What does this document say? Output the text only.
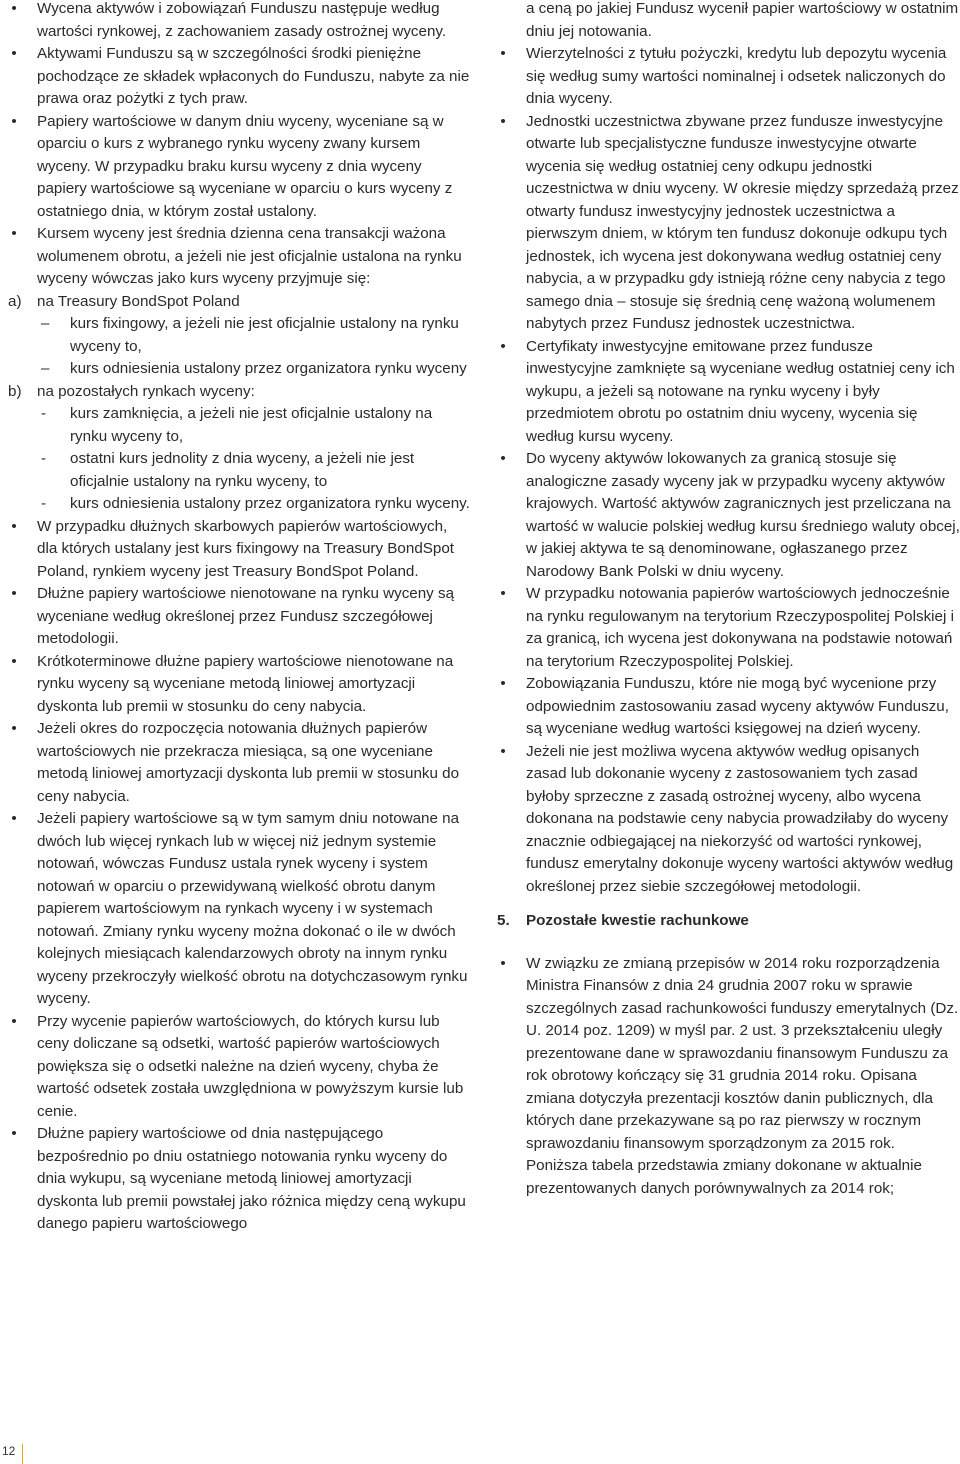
• Wycena aktywów i zobowiązań Funduszu następuje według wartości rynkowej, z zachowaniem zasady ostrożnej wyceny.
• Aktywami Funduszu są w szczególności środki pieniężne pochodzące ze składek wpłaconych do Funduszu, nabyte za nie prawa oraz pożytki z tych praw.
• Papiery wartościowe w danym dniu wyceny, wyceniane są w oparciu o kurs z wybranego rynku wyceny zwany kursem wyceny. W przypadku braku kursu wyceny z dnia wyceny papiery wartościowe są wyceniane w oparciu o kurs wyceny z ostatniego dnia, w którym został ustalony.
• Kursem wyceny jest średnia dzienna cena transakcji ważona wolumenem obrotu, a jeżeli nie jest oficjalnie ustalona na rynku wyceny wówczas jako kurs wyceny przyjmuje się:
a) na Treasury BondSpot Poland
– kurs fixingowy, a jeżeli nie jest oficjalnie ustalony na rynku wyceny to,
– kurs odniesienia ustalony przez organizatora rynku wyceny
b) na pozostałych rynkach wyceny:
- kurs zamknięcia, a jeżeli nie jest oficjalnie ustalony na rynku wyceny to,
- ostatni kurs jednolity z dnia wyceny, a jeżeli nie jest oficjalnie ustalony na rynku wyceny, to
- kurs odniesienia ustalony przez organizatora rynku wyceny.
• W przypadku dłużnych skarbowych papierów wartościowych, dla których ustalany jest kurs fixingowy na Treasury BondSpot Poland, rynkiem wyceny jest Treasury BondSpot Poland.
• Dłużne papiery wartościowe nienotowane na rynku wyceny są wyceniane według określonej przez Fundusz szczegółowej metodologii.
• Krótkoterminowe dłużne papiery wartościowe nienotowane na rynku wyceny są wyceniane metodą liniowej amortyzacji dyskonta lub premii w stosunku do ceny nabycia.
• Jeżeli okres do rozpoczęcia notowania dłużnych papierów wartościowych nie przekracza miesiąca, są one wyceniane metodą liniowej amortyzacji dyskonta lub premii w stosunku do ceny nabycia.
• Jeżeli papiery wartościowe są w tym samym dniu notowane na dwóch lub więcej rynkach lub w więcej niż jednym systemie notowań, wówczas Fundusz ustala rynek wyceny i system notowań w oparciu o przewidywaną wielkość obrotu danym papierem wartościowym na rynkach wyceny i w systemach notowań. Zmiany rynku wyceny można dokonać o ile w dwóch kolejnych miesiącach kalendarzowych obroty na innym rynku wyceny przekroczyły wielkość obrotu na dotychczasowym rynku wyceny.
• Przy wycenie papierów wartościowych, do których kursu lub ceny doliczane są odsetki, wartość papierów wartościowych powiększa się o odsetki należne na dzień wyceny, chyba że wartość odsetek została uwzględniona w powyższym kursie lub cenie.
• Dłużne papiery wartościowe od dnia następującego bezpośrednio po dniu ostatniego notowania rynku wyceny do dnia wykupu, są wyceniane metodą liniowej amortyzacji dyskonta lub premii powstałej jako różnica między ceną wykupu danego papieru wartościowego
a ceną po jakiej Fundusz wycenił papier wartościowy w ostatnim dniu jej notowania.
• Wierzytelności z tytułu pożyczki, kredytu lub depozytu wycenia się według sumy wartości nominalnej i odsetek naliczonych do dnia wyceny.
• Jednostki uczestnictwa zbywane przez fundusze inwestycyjne otwarte lub specjalistyczne fundusze inwestycyjne otwarte wycenia się według ostatniej ceny odkupu jednostki uczestnictwa w dniu wyceny. W okresie między sprzedażą przez otwarty fundusz inwestycyjny jednostek uczestnictwa a pierwszym dniem, w którym ten fundusz dokonuje odkupu tych jednostek, ich wycena jest dokonywana według ostatniej ceny nabycia, a w przypadku gdy istnieją różne ceny nabycia z tego samego dnia – stosuje się średnią cenę ważoną wolumenem nabytych przez Fundusz jednostek uczestnictwa.
• Certyfikaty inwestycyjne emitowane przez fundusze inwestycyjne zamknięte są wyceniane według ostatniej ceny ich wykupu, a jeżeli są notowane na rynku wyceny i były przedmiotem obrotu po ostatnim dniu wyceny, wycenia się według kursu wyceny.
• Do wyceny aktywów lokowanych za granicą stosuje się analogiczne zasady wyceny jak w przypadku wyceny aktywów krajowych. Wartość aktywów zagranicznych jest przeliczana na wartość w walucie polskiej według kursu średniego waluty obcej, w jakiej aktywa te są denominowane, ogłaszanego przez Narodowy Bank Polski w dniu wyceny.
• W przypadku notowania papierów wartościowych jednocześnie na rynku regulowanym na terytorium Rzeczypospolitej Polskiej i za granicą, ich wycena jest dokonywana na podstawie notowań na terytorium Rzeczypospolitej Polskiej.
• Zobowiązania Funduszu, które nie mogą być wycenione przy odpowiednim zastosowaniu zasad wyceny aktywów Funduszu, są wyceniane według wartości księgowej na dzień wyceny.
• Jeżeli nie jest możliwa wycena aktywów według opisanych zasad lub dokonanie wyceny z zastosowaniem tych zasad byłoby sprzeczne z zasadą ostrożnej wyceny, albo wycena dokonana na podstawie ceny nabycia prowadziłaby do wyceny znacznie odbiegającej na niekorzyść od wartości rynkowej, fundusz emerytalny dokonuje wyceny wartości aktywów według określonej przez siebie szczegółowej metodologii.
5. Pozostałe kwestie rachunkowe
• W związku ze zmianą przepisów w 2014 roku rozporządzenia Ministra Finansów z dnia 24 grudnia 2007 roku w sprawie szczególnych zasad rachunkowości funduszy emerytalnych (Dz. U. 2014 poz. 1209) w myśl par. 2 ust. 3 przekształceniu uległy prezentowane dane w sprawozdaniu finansowym Funduszu za rok obrotowy kończący się 31 grudnia 2014 roku. Opisana zmiana dotyczyła prezentacji kosztów danin publicznych, dla których dane przekazywane są po raz pierwszy w rocznym sprawozdaniu finansowym sporządzonym za 2015 rok. Poniższa tabela przedstawia zmiany dokonane w aktualnie prezentowanych danych porównywalnych za 2014 rok;
12
